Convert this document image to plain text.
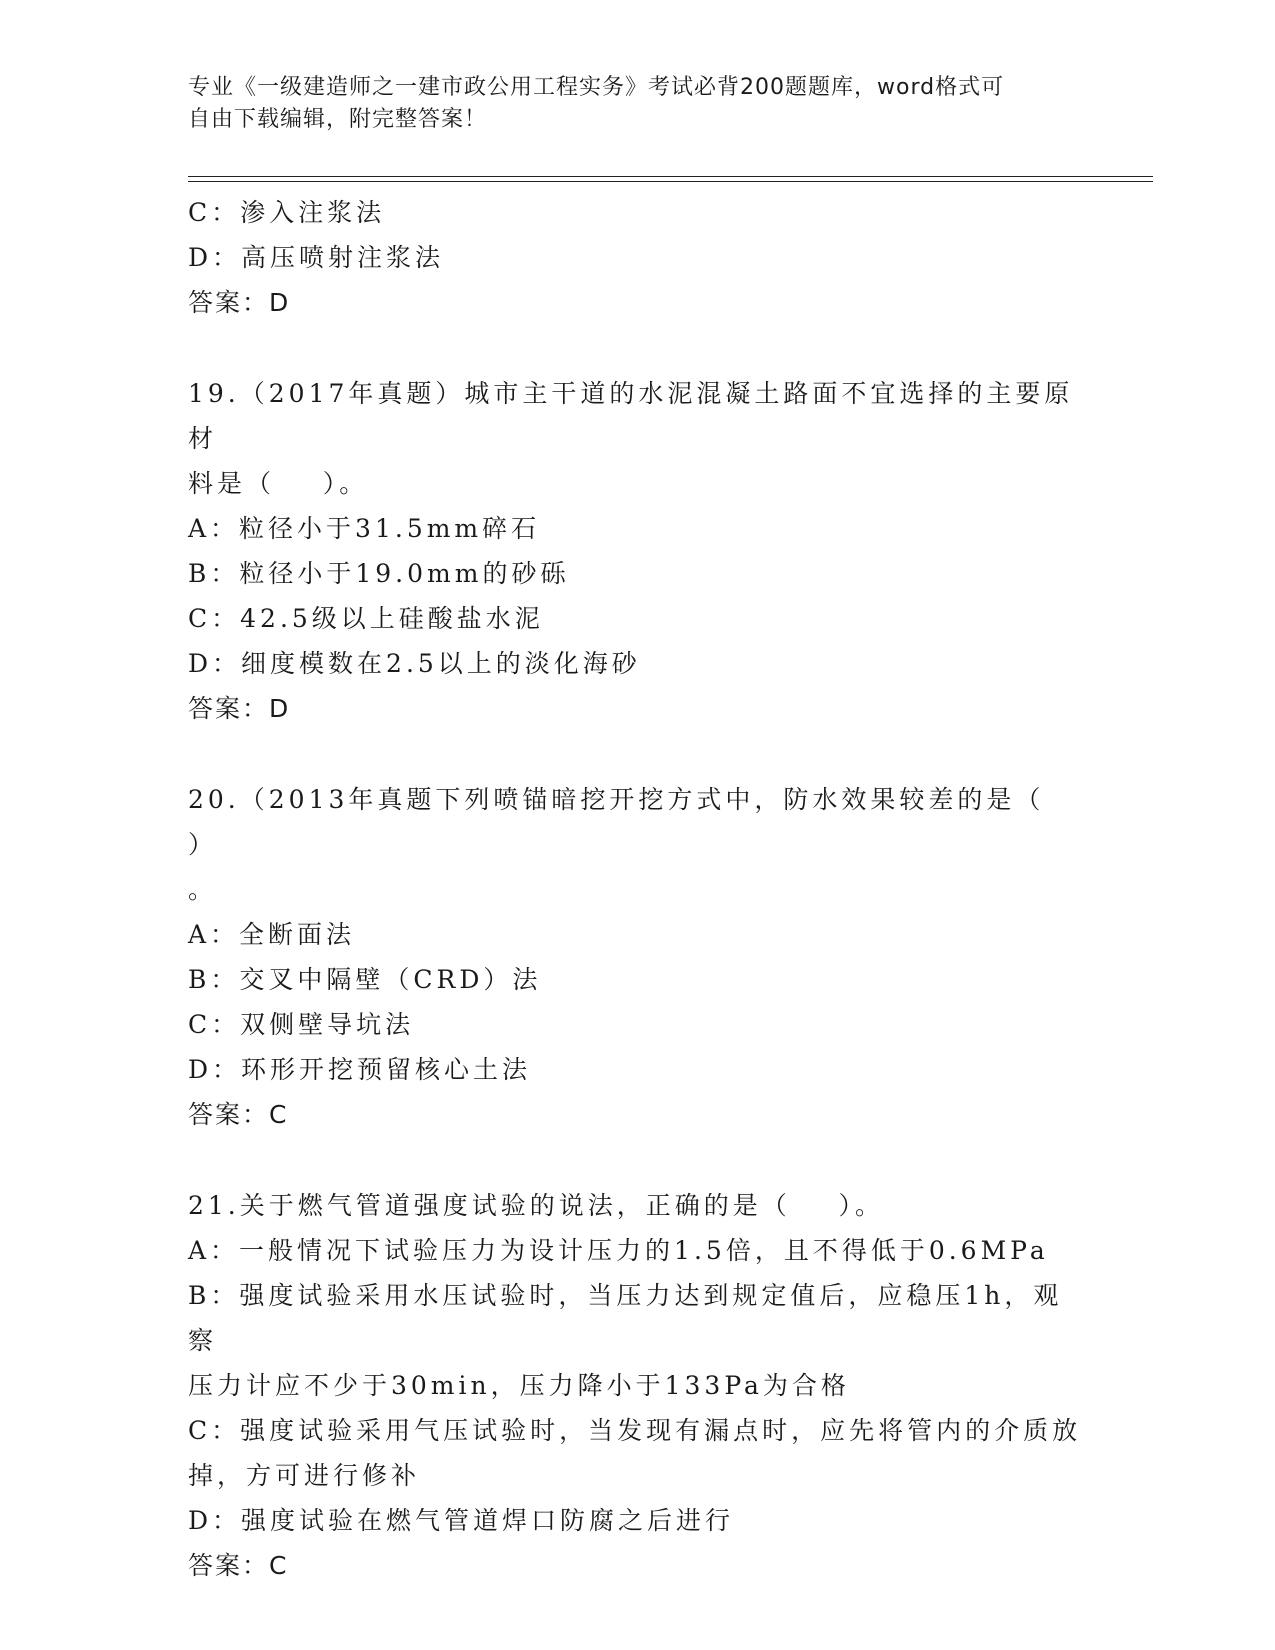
专业《一级建造师之一建市政公用工程实务》考试必背200题题库，word格式可
自由下载编辑，附完整答案！
C：渗入注浆法
D：高压喷射注浆法
答案：D
19.（2017年真题）城市主干道的水泥混凝土路面不宜选择的主要原材
料是（    ）。
A：粒径小于31.5mm碎石
B：粒径小于19.0mm的砂砾
C：42.5级以上硅酸盐水泥
D：细度模数在2.5以上的淡化海砂
答案：D
20.（2013年真题下列喷锚暗挖开挖方式中，防水效果较差的是（    ）
。
A：全断面法
B：交叉中隔壁（CRD）法
C：双侧壁导坑法
D：环形开挖预留核心土法
答案：C
21.关于燃气管道强度试验的说法，正确的是（    ）。
A：一般情况下试验压力为设计压力的1.5倍，且不得低于0.6MPa
B：强度试验采用水压试验时，当压力达到规定值后，应稳压1h，观察
压力计应不少于30min，压力降小于133Pa为合格
C：强度试验采用气压试验时，当发现有漏点时，应先将管内的介质放
掉，方可进行修补
D：强度试验在燃气管道焊口防腐之后进行
答案：C
